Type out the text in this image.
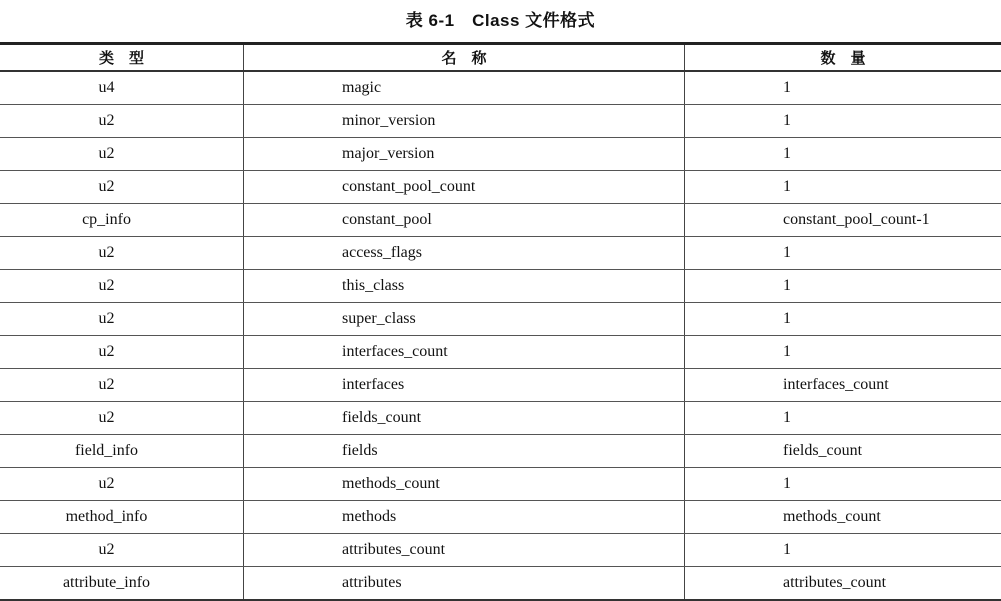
表 6-1　Class 文件格式
类　型	名　称	数　量
u4	magic	1
u2	minor_version	1
u2	major_version	1
u2	constant_pool_count	1
cp_info	constant_pool	constant_pool_count-1
u2	access_flags	1
u2	this_class	1
u2	super_class	1
u2	interfaces_count	1
u2	interfaces	interfaces_count
u2	fields_count	1
field_info	fields	fields_count
u2	methods_count	1
method_info	methods	methods_count
u2	attributes_count	1
attribute_info	attributes	attributes_count
